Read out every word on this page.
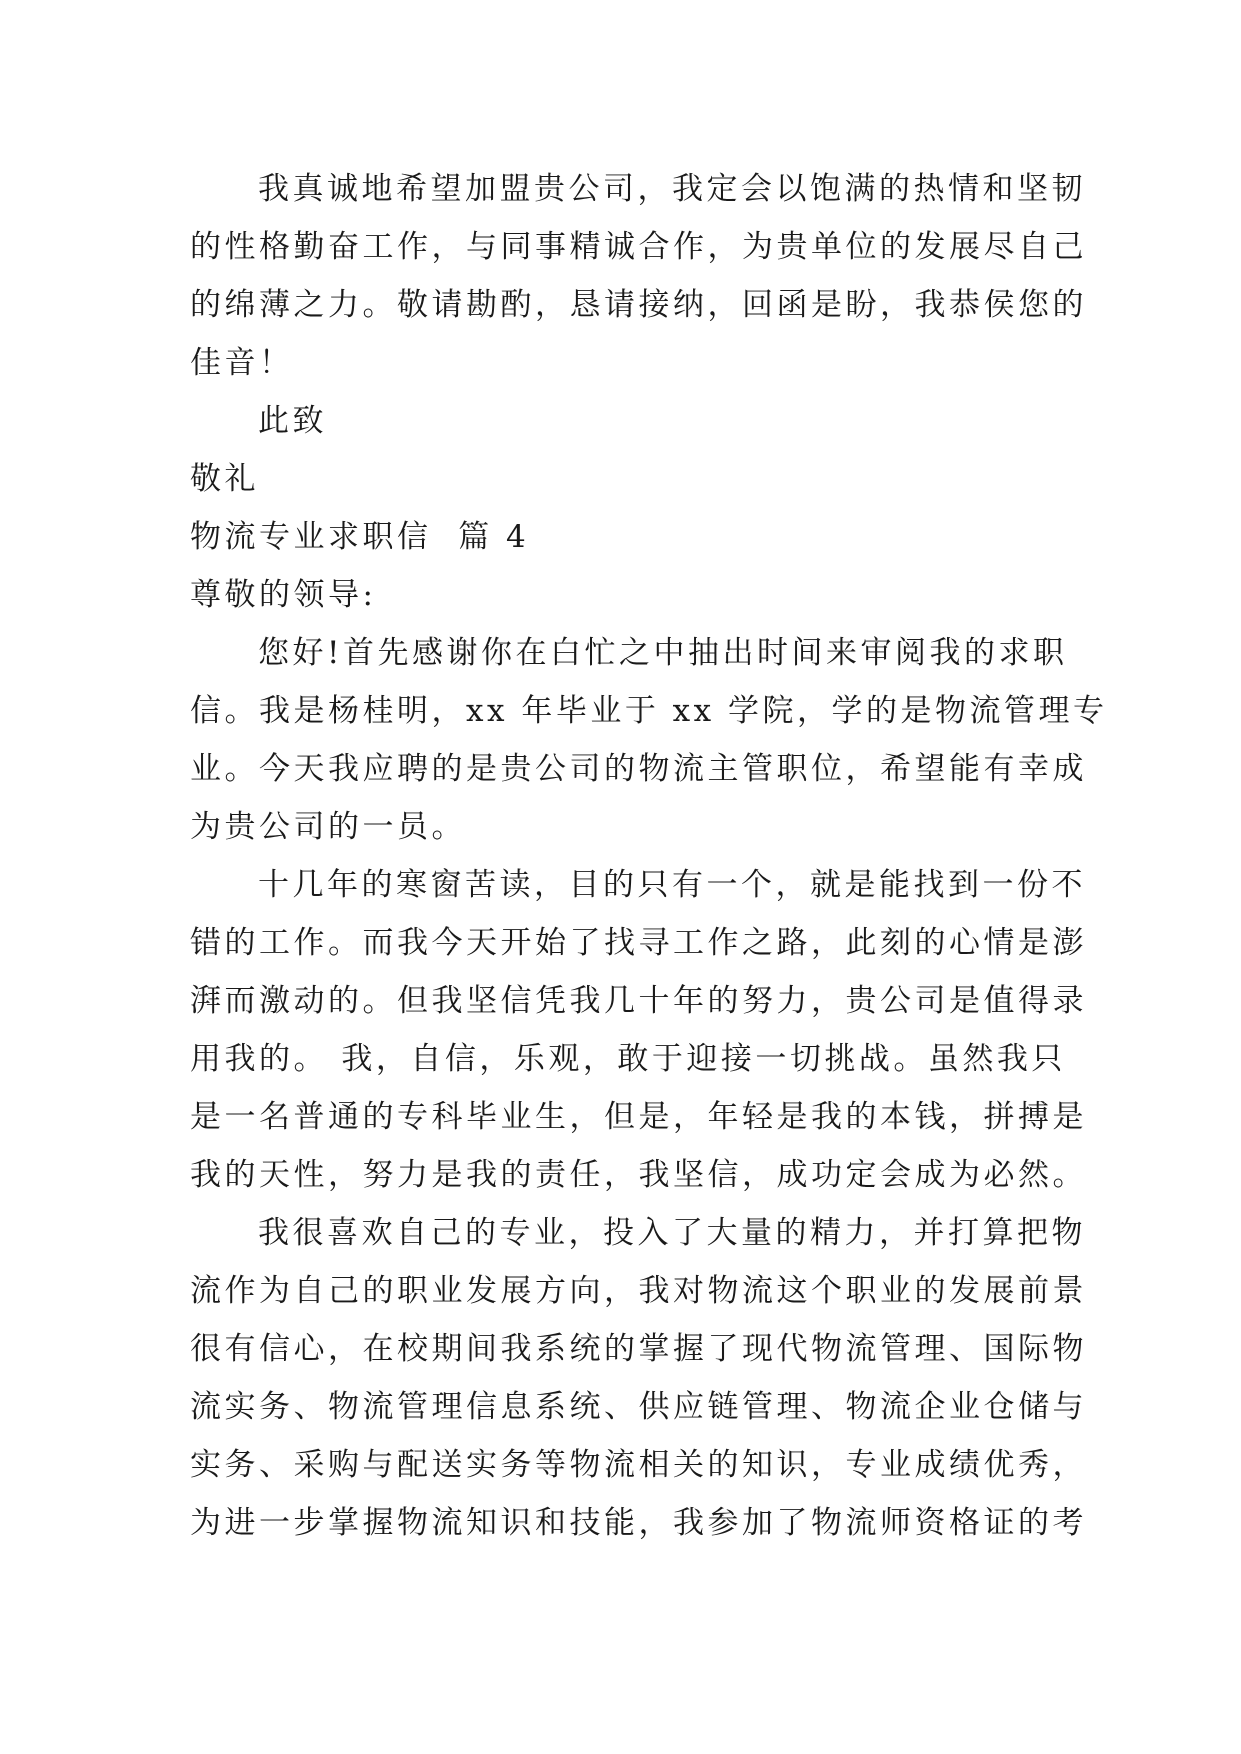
我真诚地希望加盟贵公司，我定会以饱满的热情和坚韧
的性格勤奋工作，与同事精诚合作，为贵单位的发展尽自己
的绵薄之力。敬请勘酌，恳请接纳，回函是盼，我恭侯您的
佳音！

此致

敬礼

物流专业求职信  篇 4

尊敬的领导:

您好!首先感谢你在白忙之中抽出时间来审阅我的求职
信。我是杨桂明，xx 年毕业于 xx 学院，学的是物流管理专
业。今天我应聘的是贵公司的物流主管职位，希望能有幸成
为贵公司的一员。

十几年的寒窗苦读，目的只有一个，就是能找到一份不
错的工作。而我今天开始了找寻工作之路，此刻的心情是澎
湃而激动的。但我坚信凭我几十年的努力，贵公司是值得录
用我的。 我，自信，乐观，敢于迎接一切挑战。虽然我只
是一名普通的专科毕业生，但是，年轻是我的本钱，拼搏是
我的天性，努力是我的责任，我坚信，成功定会成为必然。

我很喜欢自己的专业，投入了大量的精力，并打算把物
流作为自己的职业发展方向，我对物流这个职业的发展前景
很有信心，在校期间我系统的掌握了现代物流管理、国际物
流实务、物流管理信息系统、供应链管理、物流企业仓储与
实务、采购与配送实务等物流相关的知识，专业成绩优秀，
为进一步掌握物流知识和技能，我参加了物流师资格证的考
